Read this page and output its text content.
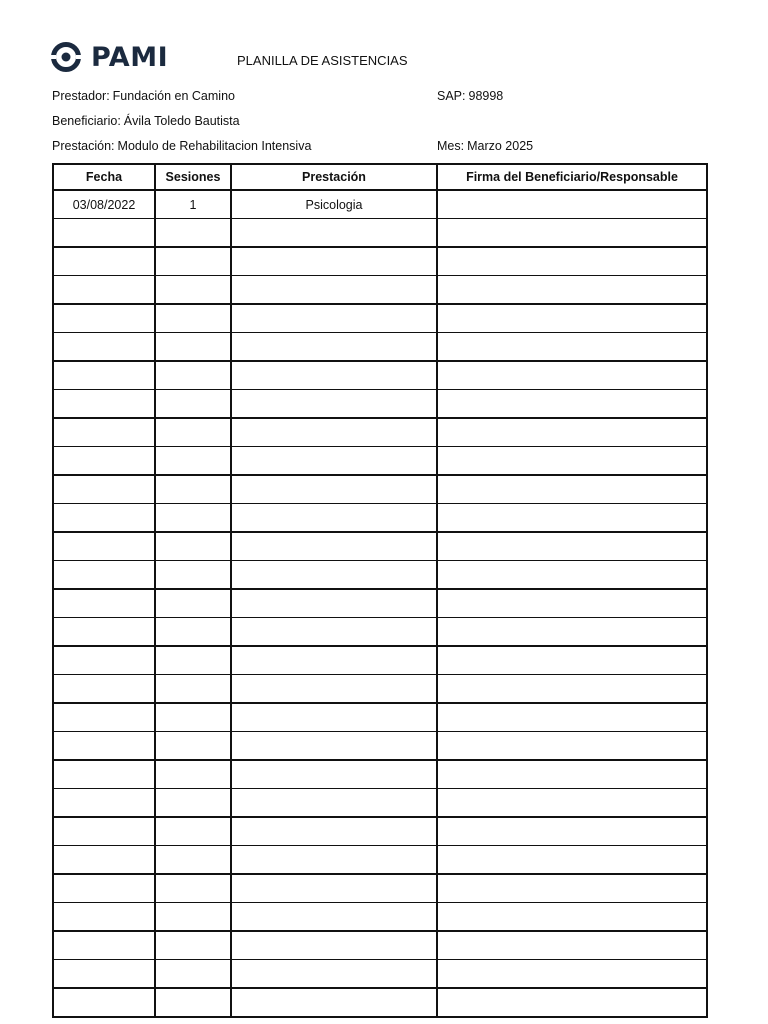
PAMI	PLANILLA DE ASISTENCIAS
Prestador: Fundación en Camino	SAP: 98998
Beneficiario: Ávila Toledo Bautista
Prestación: Modulo de Rehabilitacion Intensiva	Mes: Marzo 2025
Fecha	Sesiones	Prestación	Firma del Beneficiario/Responsable
03/08/2022	1	Psicologia	
